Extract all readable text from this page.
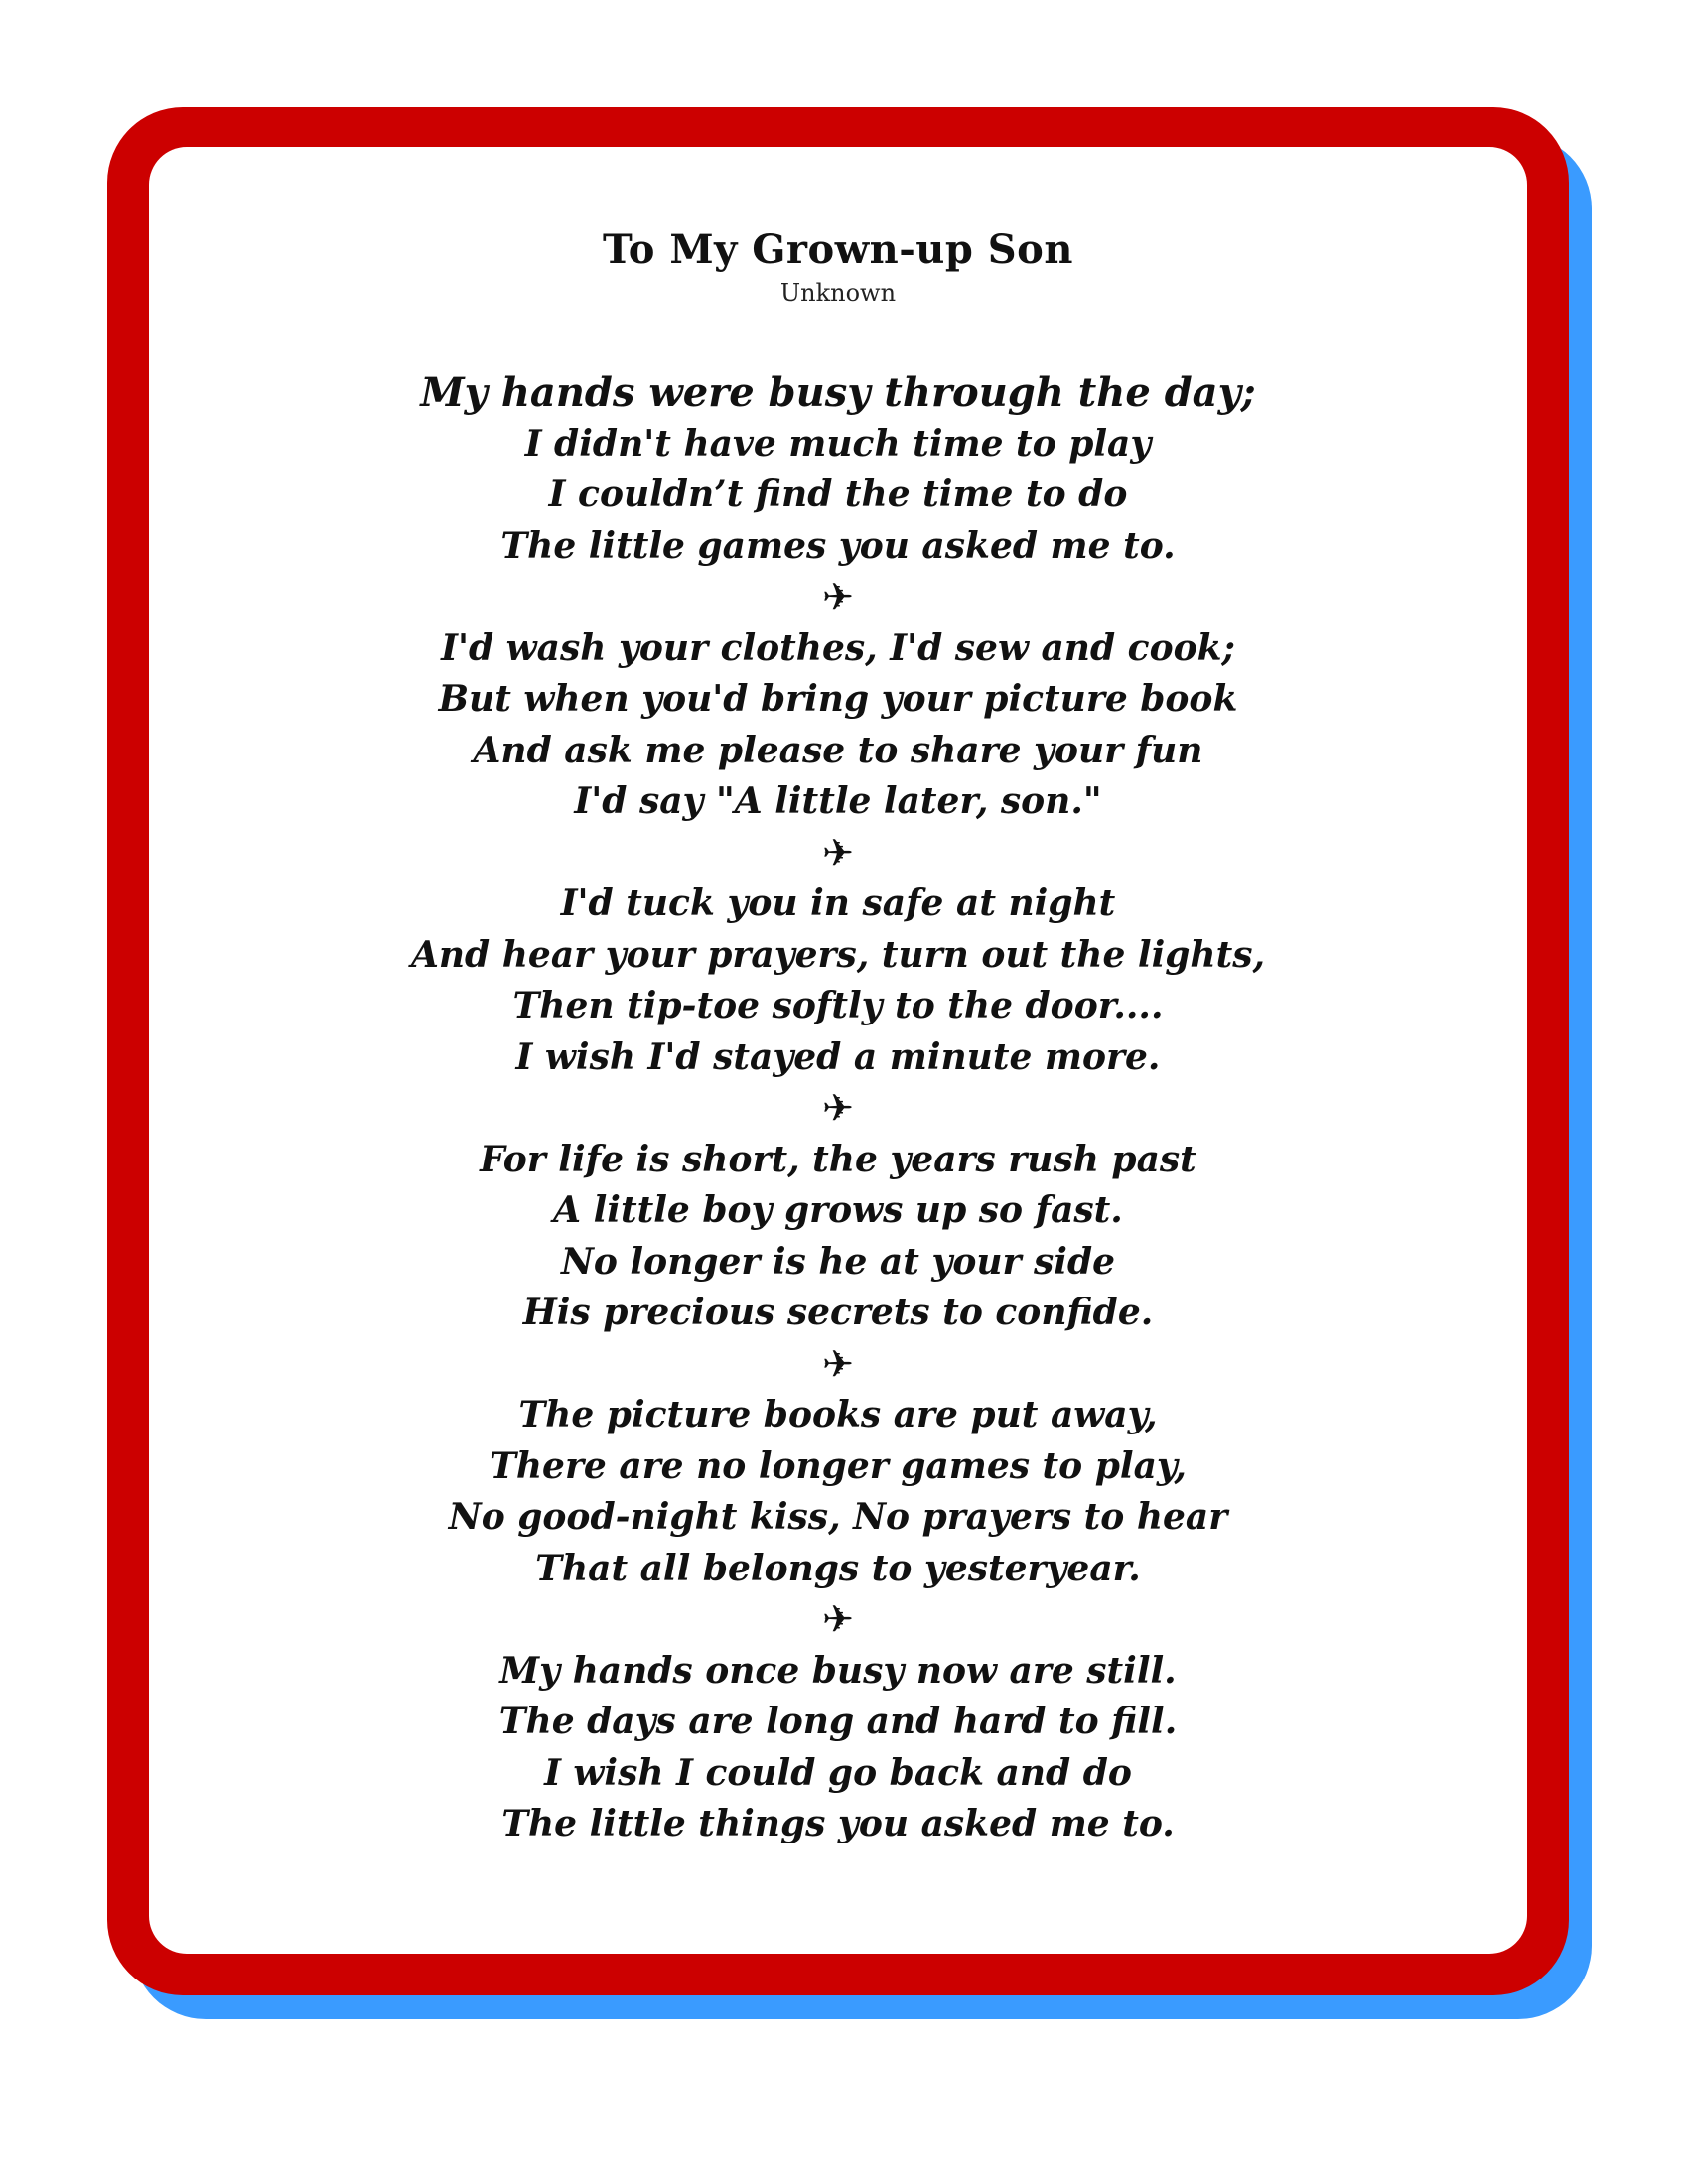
To My Grown-up Son
Unknown
My hands were busy through the day;
I didn't have much time to play
I couldn’t find the time to do
The little games you asked me to.
✈
I'd wash your clothes, I'd sew and cook;
But when you'd bring your picture book
And ask me please to share your fun
I'd say "A little later, son."
✈
I'd tuck you in safe at night
And hear your prayers, turn out the lights,
Then tip-toe softly to the door....
I wish I'd stayed a minute more.
✈
For life is short, the years rush past
A little boy grows up so fast.
No longer is he at your side
His precious secrets to confide.
✈
The picture books are put away,
There are no longer games to play,
No good-night kiss, No prayers to hear
That all belongs to yesteryear.
✈
My hands once busy now are still.
The days are long and hard to fill.
I wish I could go back and do
The little things you asked me to.
